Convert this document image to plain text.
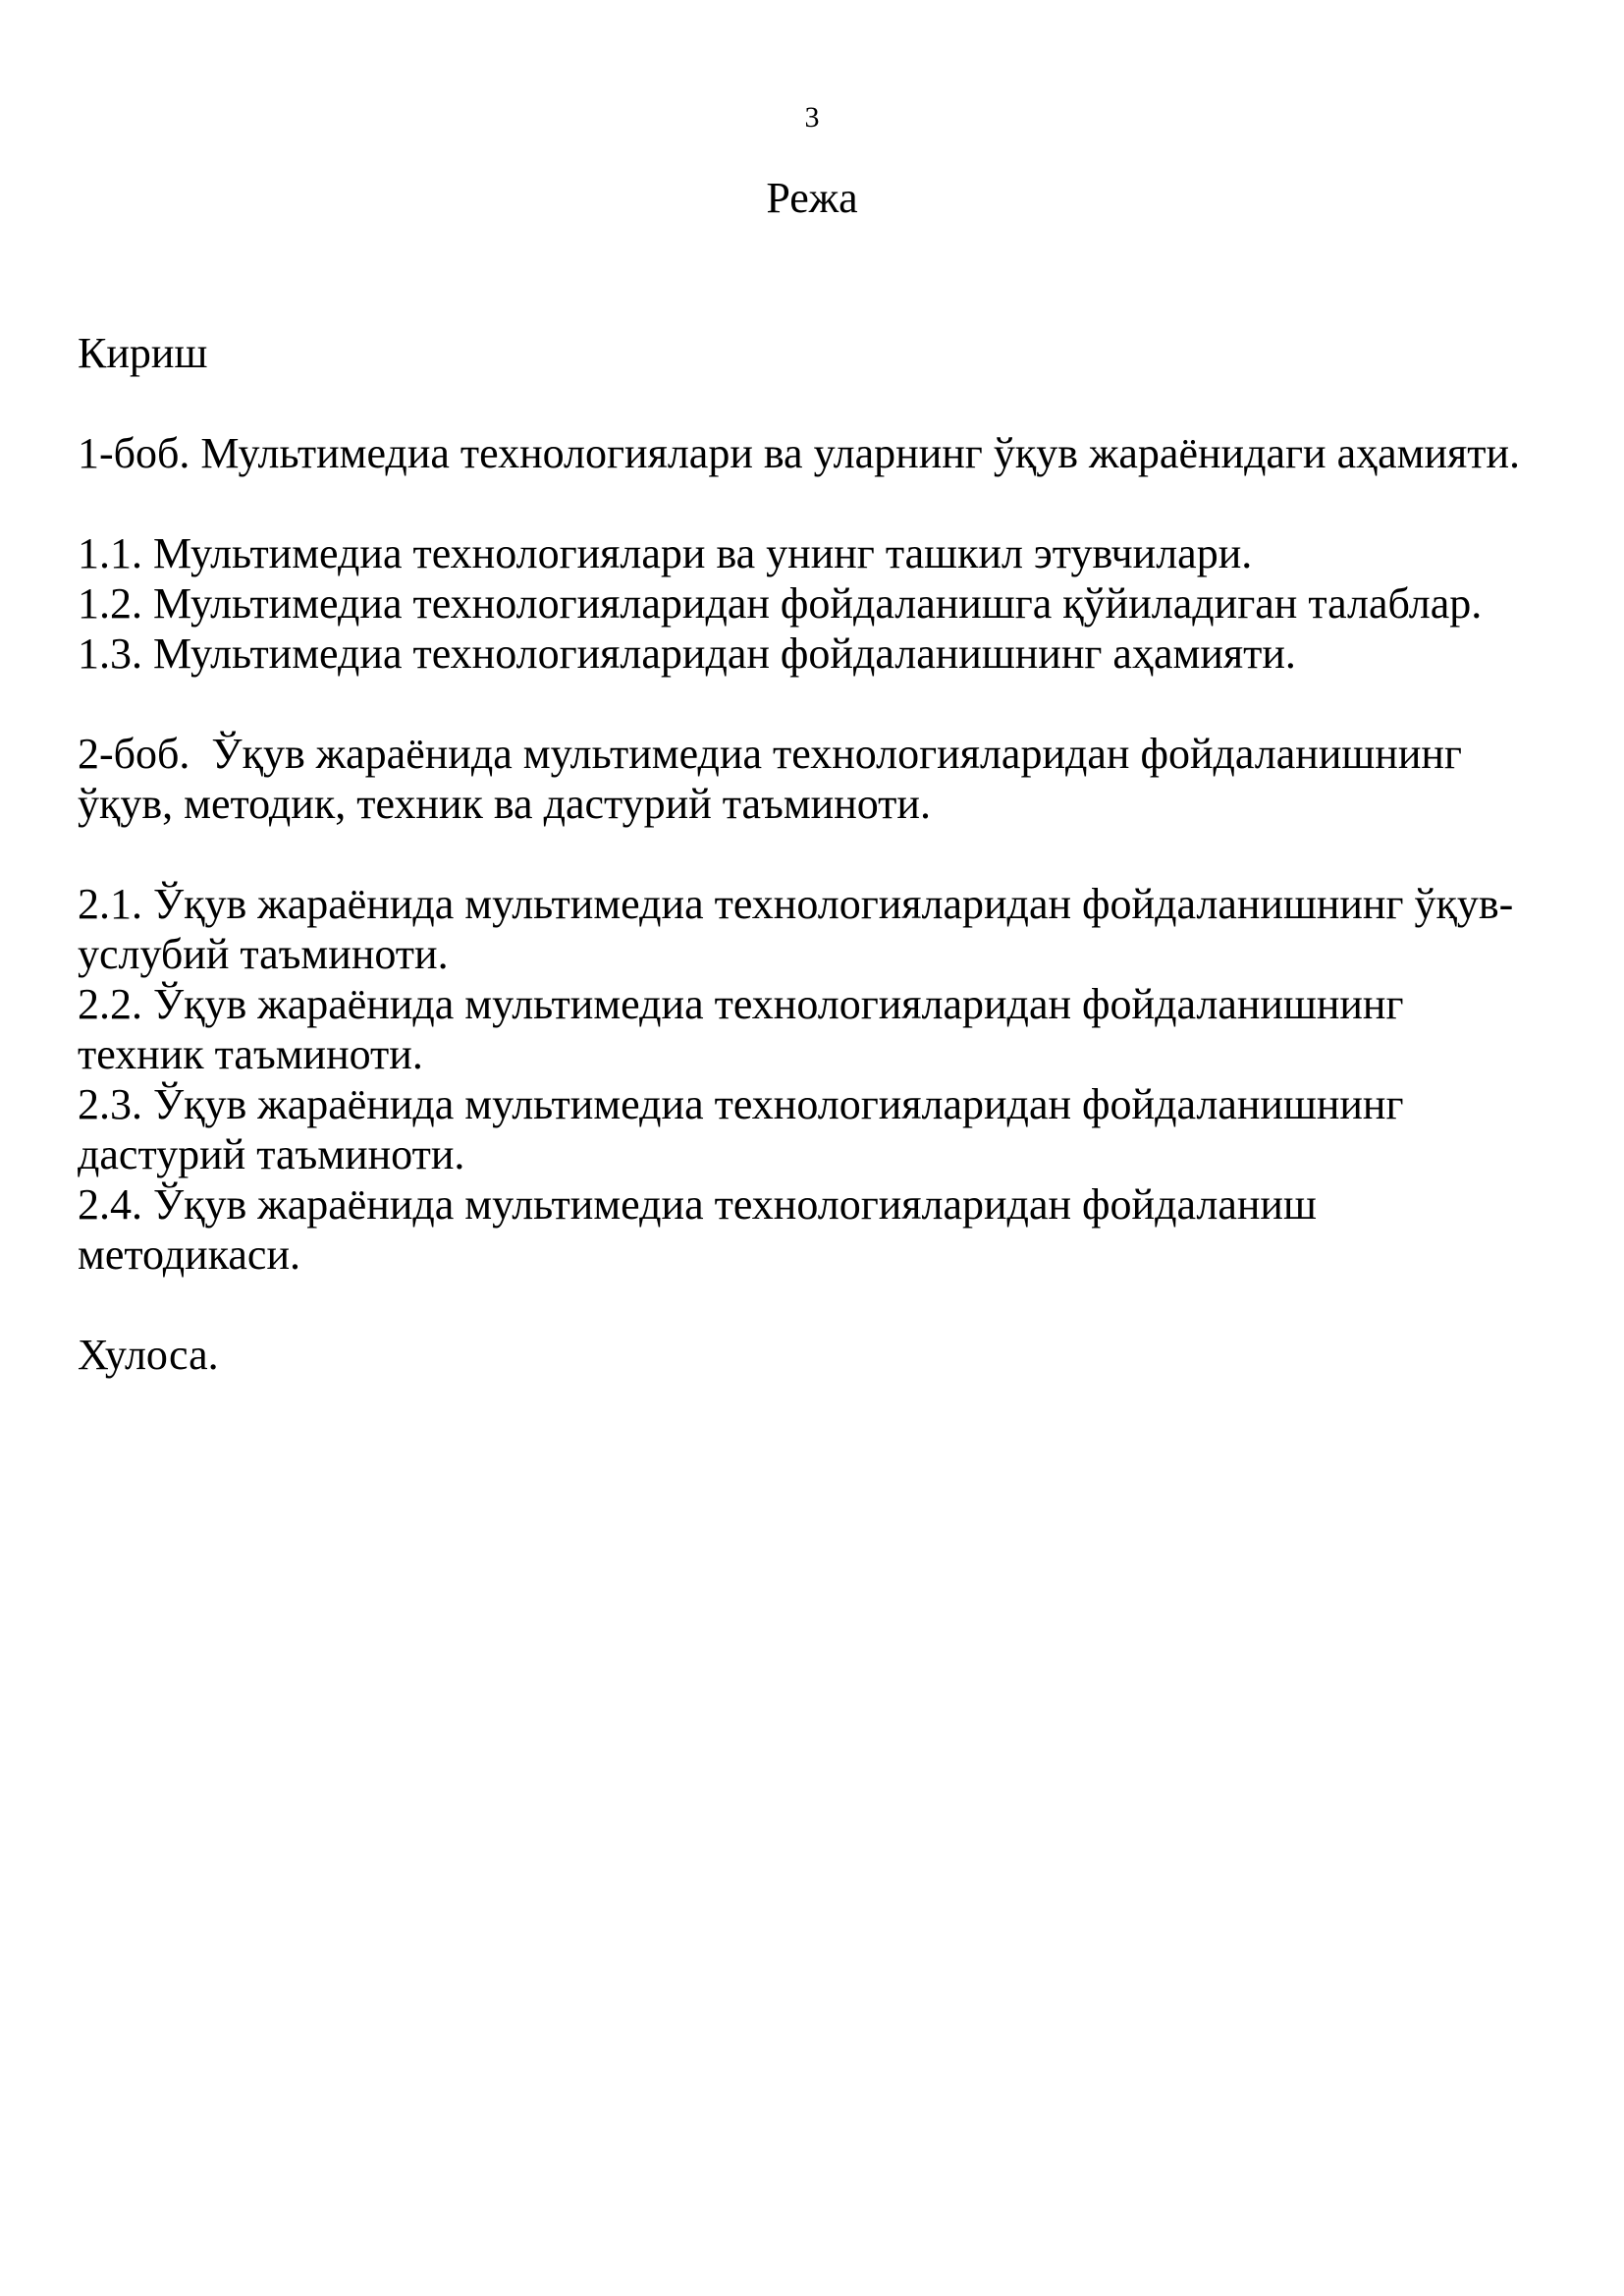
3
Режа
Кириш
1-боб. Мультимедиа технологиялари ва уларнинг ўқув жараёнидаги аҳамияти.
1.1. Мультимедиа технологиялари ва унинг ташкил этувчилари.
1.2. Мультимедиа технологияларидан фойдаланишга қўйиладиган талаблар.
1.3. Мультимедиа технологияларидан фойдаланишнинг аҳамияти.
2-боб.  Ўқув жараёнида мультимедиа технологияларидан фойдаланишнинг
ўқув, методик, техник ва дастурий таъминоти.
2.1. Ўқув жараёнида мультимедиа технологияларидан фойдаланишнинг ўқув-
услубий таъминоти.
2.2. Ўқув жараёнида мультимедиа технологияларидан фойдаланишнинг
техник таъминоти.
2.3. Ўқув жараёнида мультимедиа технологияларидан фойдаланишнинг
дастурий таъминоти.
2.4. Ўқув жараёнида мультимедиа технологияларидан фойдаланиш
методикаси.
Хулоса.
